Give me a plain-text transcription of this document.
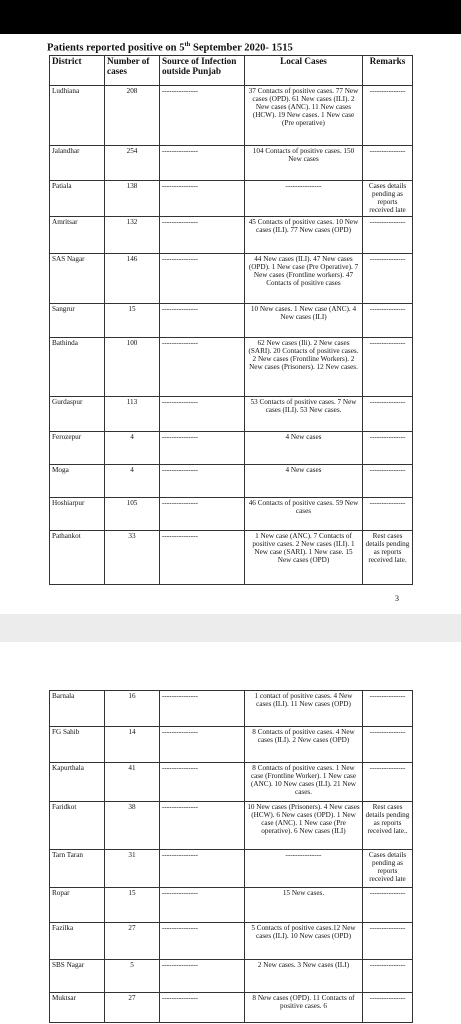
Patients reported positive on 5th September 2020- 1515
District	Number of cases	Source of Infection outside Punjab	Local Cases	Remarks
Ludhiana	208	---------------	37 Contacts of positive cases. 77 New cases (OPD). 61 New cases (ILI). 2 New cases (ANC). 11 New cases (HCW). 19 New cases. 1 New case (Pre operative)	---------------
Jalandhar	254	---------------	104 Contacts of positive cases. 150 New cases	---------------
Patiala	138	---------------	---------------	Cases details pending as reports received late
Amritsar	132	---------------	45 Contacts of positive cases. 10 New cases (ILI). 77 New cases (OPD)	---------------
SAS Nagar	146	---------------	44 New cases (ILI). 47 New cases (OPD). 1 New case (Pre Operative). 7 New cases (Frontline workers). 47 Contacts of positive cases	---------------
Sangrur	15	---------------	10 New cases. 1 New case (ANC). 4 New cases (ILI)	---------------
Bathinda	100	---------------	62 New cases (Ili). 2 New cases (SARI). 20 Contacts of positive cases. 2 New cases (Frontline Workers). 2 New cases (Prisoners). 12 New cases.	---------------
Gurdaspur	113	---------------	53 Contacts of positive cases. 7 New cases (ILI). 53 New cases.	---------------
Ferozepur	4	---------------	4 New cases	---------------
Moga	4	---------------	4 New cases	---------------
Hoshiarpur	105	---------------	46 Contacts of positive cases. 59 New cases	---------------
Pathankot	33	---------------	1 New case (ANC). 7 Contacts of positive cases. 2 New cases (ILI). 1 New case (SARI). 1 New case. 15 New cases (OPD)	Rest cases details pending as reports received late.
3
Barnala	16	---------------	1 contact of positive cases. 4 New cases (ILI). 11 New cases (OPD)	---------------
FG Sahib	14	---------------	8 Contacts of positive cases. 4 New cases (ILI). 2 New cases (OPD)	---------------
Kapurthala	41	---------------	8 Contacts of positive cases. 1 New case (Frontline Worker). 1 New case (ANC). 10 New cases (ILI). 21 New cases.	---------------
Faridkot	38	---------------	10 New cases (Prisoners). 4 New cases (HCW). 6 New cases (OPD). 1 New case (ANC). 1 New case (Pre operative). 6 New cases (ILI)	Rest cases details pending as reports received late..
Tarn Taran	31	---------------	---------------	Cases details pending as reports received late
Ropar	15	---------------	15 New cases.	---------------
Fazilka	27	---------------	5 Contacts of positive cases.12 New cases (ILI). 10 New cases (OPD)	---------------
SBS Nagar	5	---------------	2 New cases. 3 New cases (ILI)	---------------
Muktsar	27	---------------	8 New cases (OPD). 11 Contacts of positive cases. 6	---------------
